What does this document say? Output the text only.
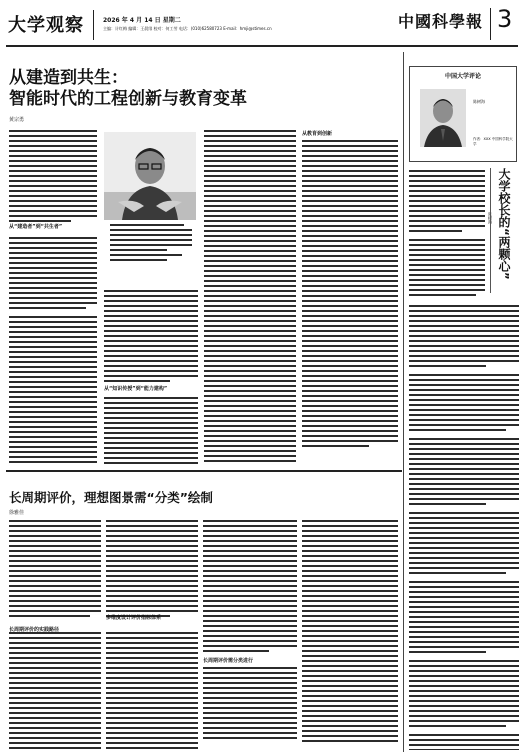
大学观察	2026 年 4 月 14 日 星期二
主编：计红梅 编辑：王晨绯 校对：何工劳 电话：(010)62580723 E-mail：hmji@stimes.cn	中國科學報 3
从建造到共生：
智能时代的工程创新与教育变革
黄宗勇
从“建造者”到“共生者”
从“知识传授”到“能力建构”
从教育到创新
长周期评价，理想图景需“分类”绘制
徐雅佳
长周期评价的实践路径
多维度设计评价指标体系
长周期评价需分类进行
中国大学评论
陈树海
作者：XXX 中国科学院大学
大学校长的“两颗心”
